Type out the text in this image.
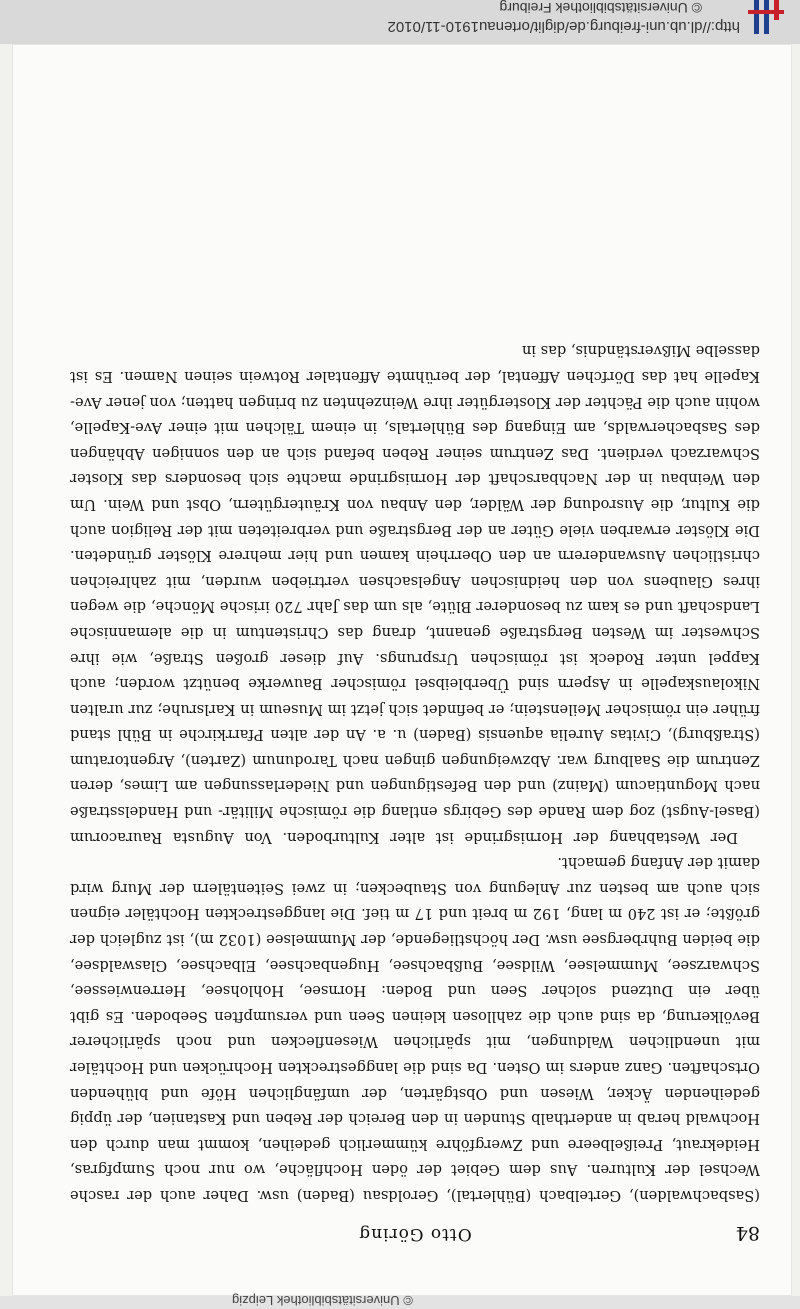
© Universitätsbibliothek Freiburg
http://dl.ub.uni-freiburg.de/diglit/ortenau1910-11/0102
84
Otto Göring

(Sasbachwalden), Gertelbach (Bühlertal), Geroldsau (Baden) usw. Daher auch der rasche Wechsel der Kulturen. Aus dem Gebiet der öden Hochfläche, wo nur noch Sumpfgras, Heidekraut, Preißelbeere und Zwergföhre kümmerlich gedeihen, kommt man durch den Hochwald herab in anderthalb Stunden in den Bereich der Reben und Kastanien, der üppig gedeihenden Äcker, Wiesen und Obstgärten, der umfänglichen Höfe und blühenden Ortschaften. Ganz anders im Osten. Da sind die langgestreckten Hochrücken und Hochtäler mit unendlichen Waldungen, mit spärlichen Wiesenflecken und noch spärlicherer Bevölkerung, da sind auch die zahllosen kleinen Seen und versumpften Seeboden. Es gibt über ein Dutzend solcher Seen und Boden: Hornsee, Hohlohsee, Herrenwiessee, Schwarzsee, Mummelsee, Wildsee, Bußbachsee, Hugenbachsee, Elbachsee, Glaswaldsee, die beiden Buhrbergsee usw. Der höchstliegende, der Mummelsee (1032 m), ist zugleich der größte; er ist 240 m lang, 192 m breit und 17 m tief. Die langgestreckten Hochtäler eignen sich auch am besten zur Anlegung von Staubecken; in zwei Seitentälern der Murg wird damit der Anfang gemacht.

Der Westabhang der Hornisgrinde ist alter Kulturboden. Von Augusta Rauracorum (Basel-Augst) zog dem Rande des Gebirgs entlang die römische Militär- und Handelsstraße nach Moguntiacum (Mainz) und den Befestigungen und Niederlassungen am Limes, deren Zentrum die Saalburg war. Abzweigungen gingen nach Tarodunum (Zarten), Argentoratum (Straßburg), Civitas Aurelia aquensis (Baden) u. a. An der alten Pfarrkirche in Bühl stand früher ein römischer Meilenstein; er befindet sich jetzt im Museum in Karlsruhe; zur uralten Nikolauskapelle in Aspern sind Überbleibsel römischer Bauwerke benützt worden; auch Kappel unter Rodeck ist römischen Ursprungs. Auf dieser großen Straße, wie ihre Schwester im Westen Bergstraße genannt, drang das Christentum in die alemannische Landschaft und es kam zu besonderer Blüte, als um das Jahr 720 irische Mönche, die wegen ihres Glaubens von den heidnischen Angelsachsen vertrieben wurden, mit zahlreichen christlichen Auswanderern an den Oberrhein kamen und hier mehrere Klöster gründeten. Die Klöster erwarben viele Güter an der Bergstraße und verbreiteten mit der Religion auch die Kultur, die Ausrodung der Wälder, den Anbau von Kräutergütern, Obst und Wein. Um den Weinbau in der Nachbarschaft der Hornisgrinde machte sich besonders das Kloster Schwarzach verdient. Das Zentrum seiner Reben befand sich an den sonnigen Abhängen des Sasbacherwalds, am Eingang des Bühlertals, in einem Tälchen mit einer Ave-Kapelle, wohin auch die Pächter der Klostergüter ihre Weinzehnten zu bringen hatten; von jener Ave-Kapelle hat das Dörfchen Affental, der berühmte Affentaler Rotwein seinen Namen. Es ist dasselbe Mißverständnis, das in

© Universitätsbibliothek Leipzig
